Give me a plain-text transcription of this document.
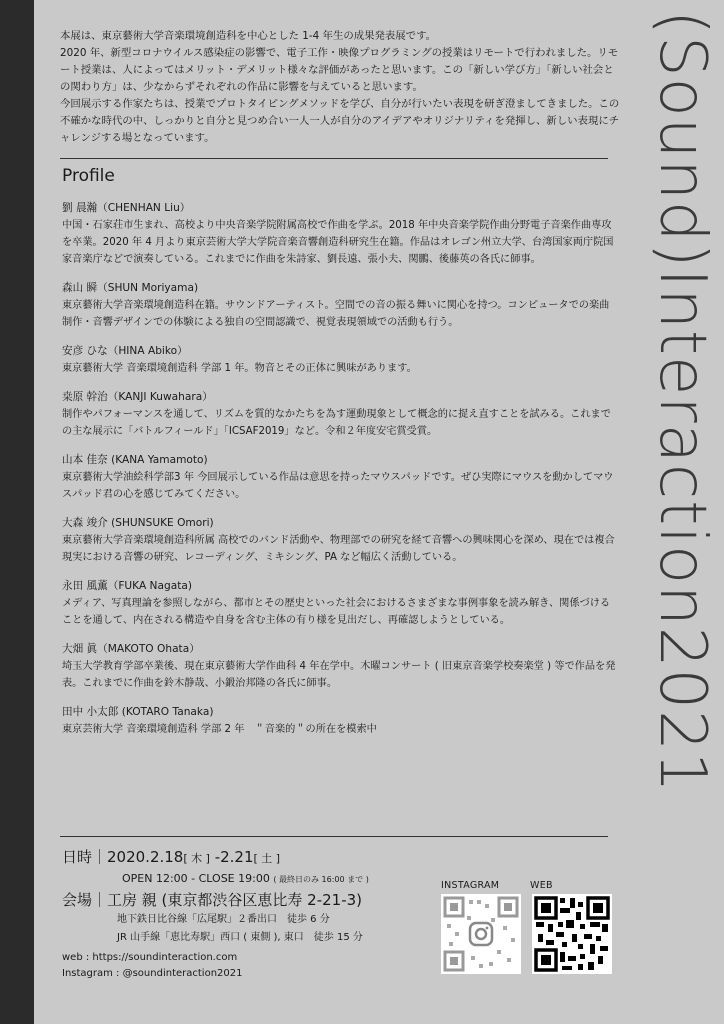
(Sound)Interaction2021
本展は、東京藝術大学音楽環境創造科を中心とした 1-4 年生の成果発表展です。
2020 年、新型コロナウイルス感染症の影響で、電子工作・映像プログラミングの授業はリモートで行われました。リモート授業は、人によってはメリット・デメリット様々な評価があったと思います。この「新しい学び方」「新しい社会との関わり方」は、少なからずそれぞれの作品に影響を与えていると思います。
今回展示する作家たちは、授業でプロトタイピングメソッドを学び、自分が行いたい表現を研ぎ澄ましてきました。この不確かな時代の中、しっかりと自分と見つめ合い一人一人が自分のアイデアやオリジナリティを発揮し、新しい表現にチャレンジする場となっています。
Profile
劉 晨瀚（CHENHAN Liu）
中国・石家荘市生まれ、高校より中央音楽学院附属高校で作曲を学ぶ。2018 年中央音楽学院作曲分野電子音楽作曲専攻を卒業。2020 年 4 月より東京芸術大学大学院音楽音響創造科研究生在籍。作品はオレゴン州立大学、台湾国家両庁院国家音楽庁などで演奏している。これまでに作曲を朱詩家、劉長遠、張小夫、関鵬、後藤英の各氏に師事。
森山 瞬（SHUN Moriyama)
東京藝術大学音楽環境創造科在籍。サウンドアーティスト。空間での音の振る舞いに関心を持つ。コンピュータでの楽曲制作・音響デザインでの体験による独自の空間認識で、視覚表現領域での活動も行う。
安彦 ひな（HINA Abiko）
東京藝術大学 音楽環境創造科 学部 1 年。物音とその正体に興味があります。
桒原 幹治（KANJI Kuwahara）
制作やパフォーマンスを通して、リズムを質的なかたちを為す運動現象として概念的に捉え直すことを試みる。これまでの主な展示に「バトルフィールド」「ICSAF2019」など。令和２年度安宅賞受賞。
山本 佳奈 (KANA Yamamoto)
東京藝術大学油絵科学部3 年 今回展示している作品は意思を持ったマウスパッドです。ぜひ実際にマウスを動かしてマウスパッド君の心を感じてみてください。
大森 竣介 (SHUNSUKE Omori)
東京藝術大学音楽環境創造科所属 高校でのバンド活動や、物理部での研究を経て音響への興味関心を深め、現在では複合現実における音響の研究、レコーディング、ミキシング、PA など幅広く活動している。
永田 風薫（FUKA Nagata)
メディア、写真理論を参照しながら、都市とその歴史といった社会におけるさまざまな事例事象を読み解き、関係づけることを通して、内在される構造や自身を含む主体の有り様を見出だし、再確認しようとしている。
大畑 眞（MAKOTO Ohata）
埼玉大学教育学部卒業後、現在東京藝術大学作曲科 4 年在学中。木曜コンサート ( 旧東京音楽学校奏楽堂 ) 等で作品を発表。これまでに作曲を鈴木静哉、小鍛治邦隆の各氏に師事。
田中 小太郎 (KOTARO Tanaka)
東京芸術大学 音楽環境創造科 学部 2 年　＂音楽的＂の所在を模索中
日時｜2020.2.18[ 木 ] -2.21[ 土 ]
OPEN 12:00 - CLOSE 19:00 ( 最終日のみ 16:00 まで )
会場｜工房 親 (東京都渋谷区恵比寿 2-21-3)
地下鉄日比谷線「広尾駅」２番出口　徒歩 6 分
JR 山手線「恵比寿駅」西口 ( 東側 ), 東口　徒歩 15 分
web : https://soundinteraction.com
Instagram : @soundinteraction2021
INSTAGRAM	WEB
